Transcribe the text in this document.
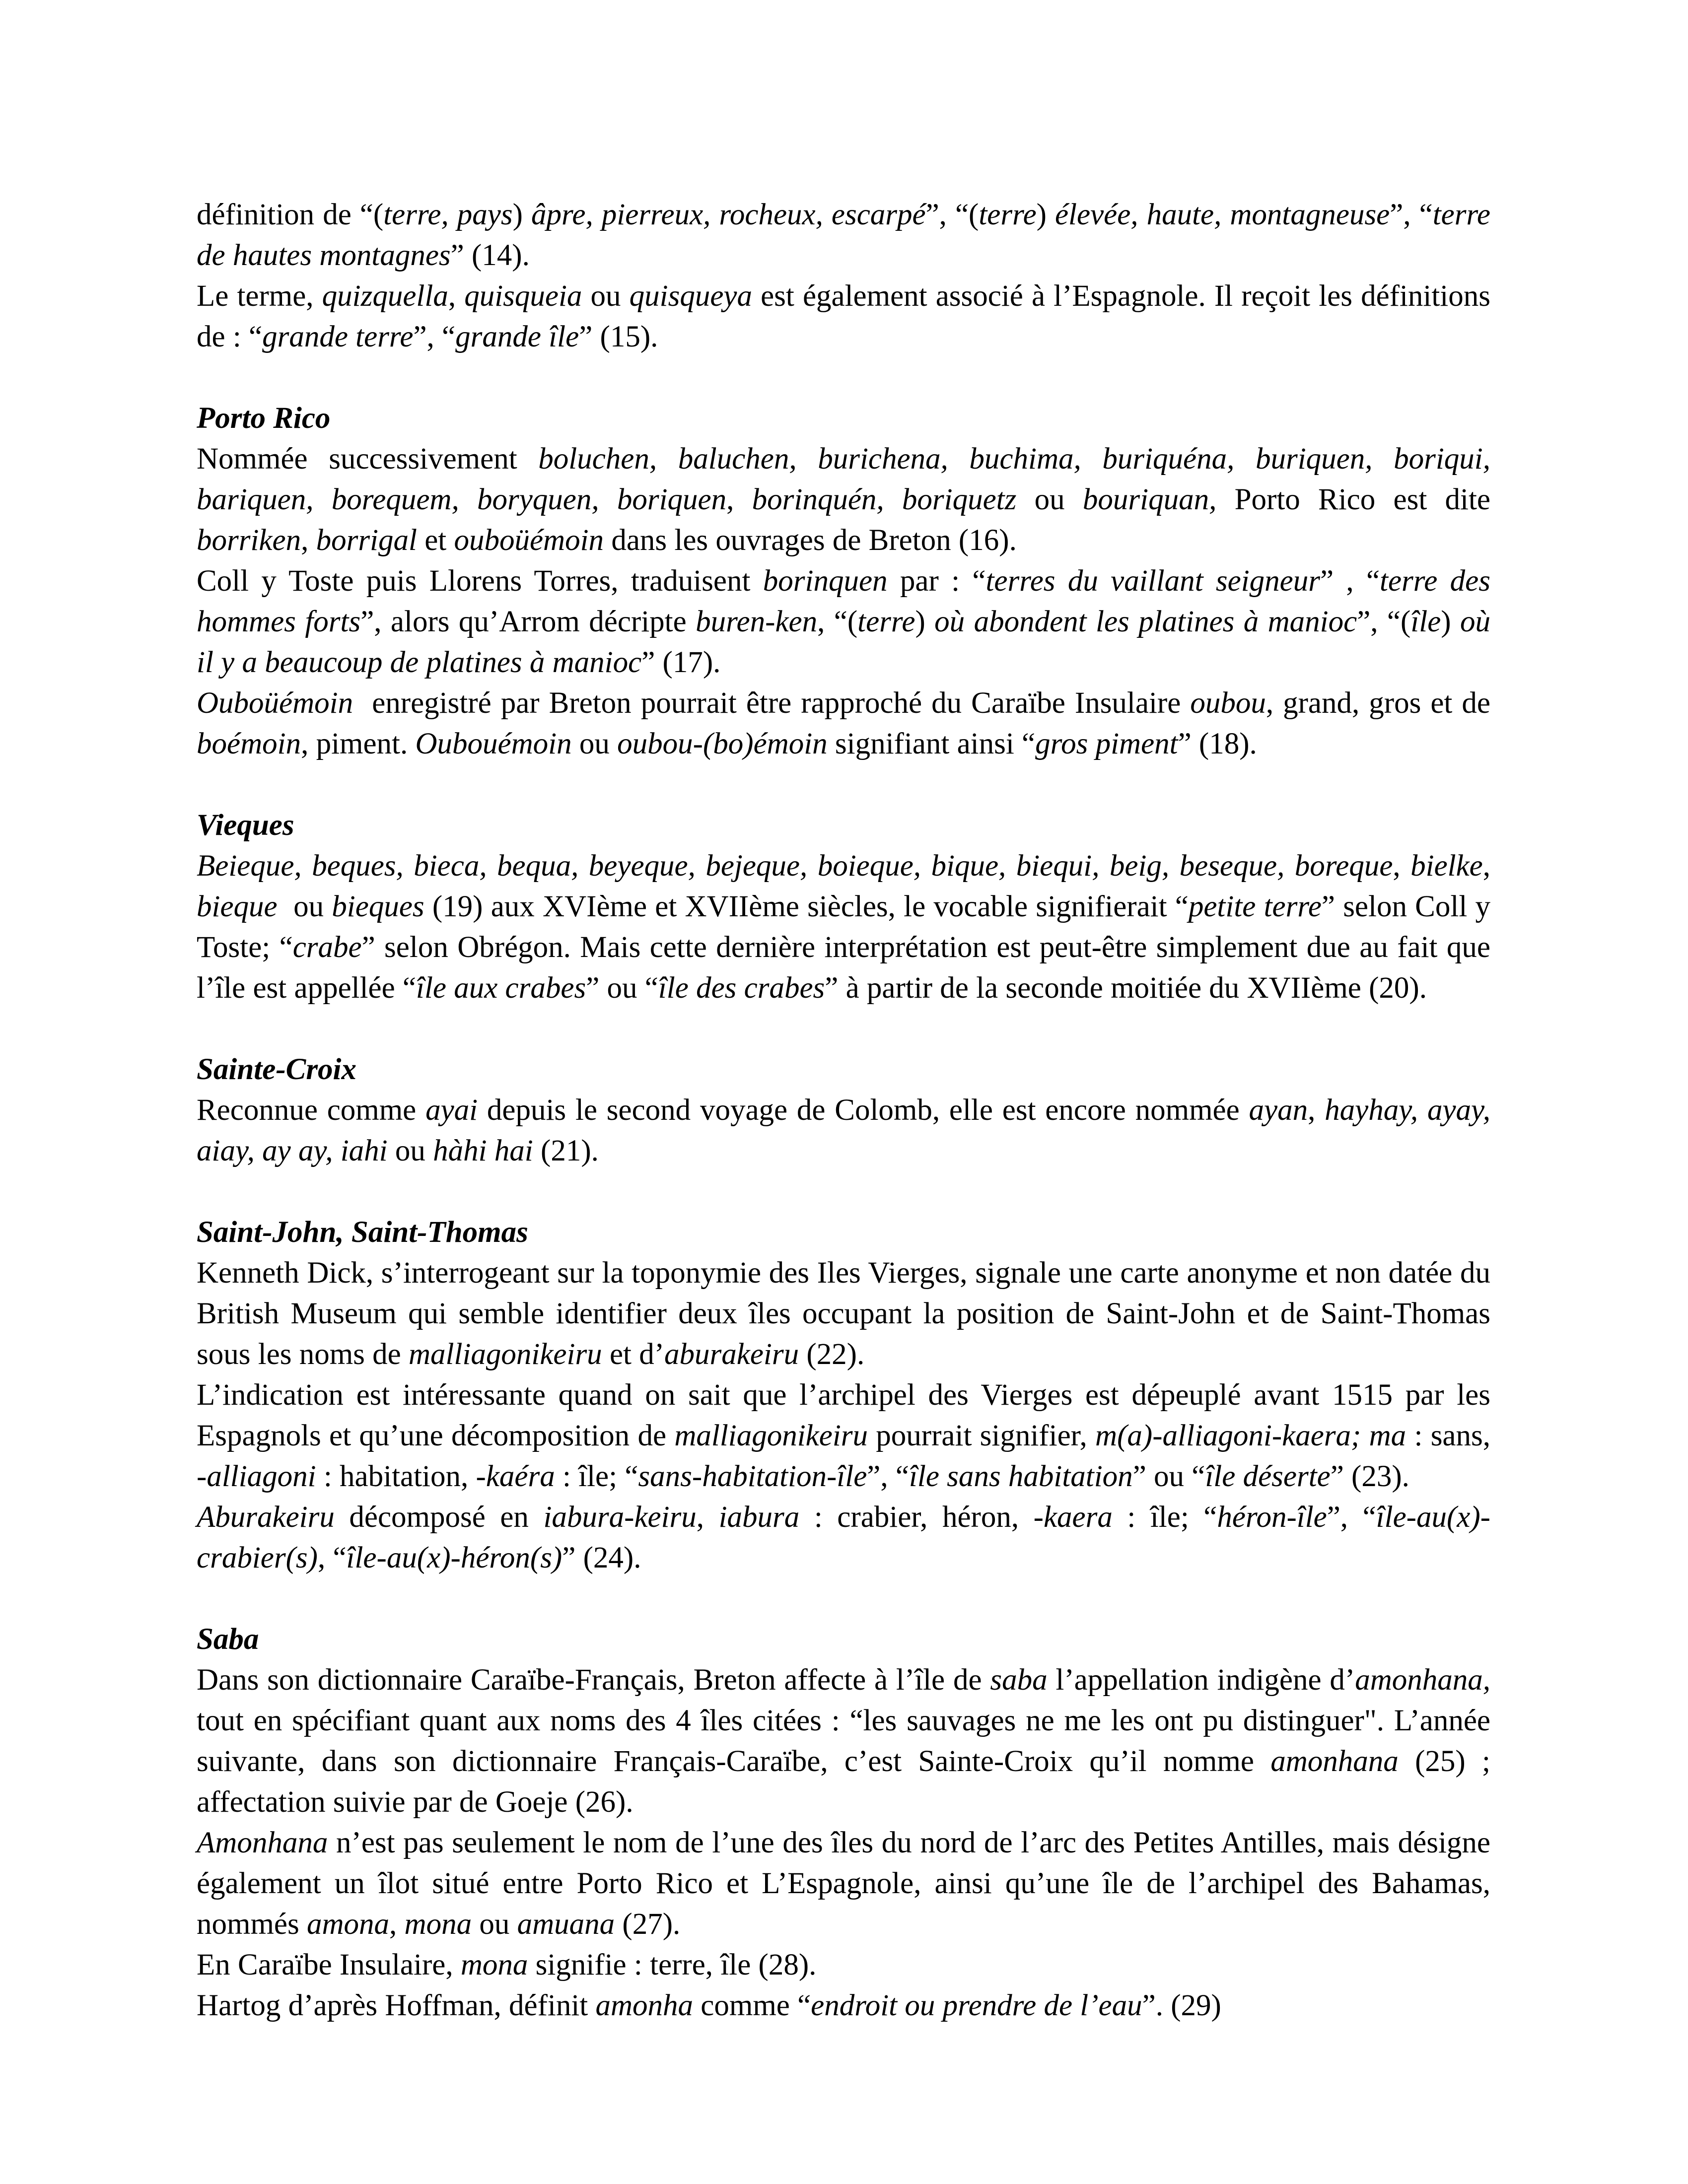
définition de “(terre, pays) âpre, pierreux, rocheux, escarpé”, “(terre) élevée, haute, montagneuse”, “terre de hautes montagnes” (14).

Le terme, quizquella, quisqueia ou quisqueya est également associé à l’Espagnole. Il reçoit les définitions de : “grande terre”, “grande île” (15).

Porto Rico

Nommée successivement boluchen, baluchen, burichena, buchima, buriquéna, buriquen, boriqui, bariquen, borequem, boryquen, boriquen, borinquén, boriquetz ou bouriquan, Porto Rico est dite borriken, borrigal et ouboüémoin dans les ouvrages de Breton (16).

Coll y Toste puis Llorens Torres, traduisent borinquen par : “terres du vaillant seigneur” , “terre des hommes forts”, alors qu’Arrom décripte buren-ken, “(terre) où abondent les platines à manioc”, “(île) où il y a beaucoup de platines à manioc” (17).

Ouboüémoin  enregistré par Breton pourrait être rapproché du Caraïbe Insulaire oubou, grand, gros et de boémoin, piment. Oubouémoin ou oubou-(bo)émoin signifiant ainsi “gros piment” (18).

Vieques

Beieque, beques, bieca, bequa, beyeque, bejeque, boieque, bique, biequi, beig, beseque, boreque, bielke, bieque  ou bieques (19) aux XVIème et XVIIème siècles, le vocable signifierait “petite terre” selon Coll y Toste; “crabe” selon Obrégon. Mais cette dernière interprétation est peut-être simplement due au fait que l’île est appellée “île aux crabes” ou “île des crabes” à partir de la seconde moitiée du XVIIème (20).

Sainte-Croix

Reconnue comme ayai depuis le second voyage de Colomb, elle est encore nommée ayan, hayhay, ayay, aiay, ay ay, iahi ou hàhi hai (21).

Saint-John, Saint-Thomas

Kenneth Dick, s’interrogeant sur la toponymie des Iles Vierges, signale une carte anonyme et non datée du British Museum qui semble identifier deux îles occupant la position de Saint-John et de Saint-Thomas sous les noms de malliagonikeiru et d’aburakeiru (22).

L’indication est intéressante quand on sait que l’archipel des Vierges est dépeuplé avant 1515 par les Espagnols et qu’une décomposition de malliagonikeiru pourrait signifier, m(a)-alliagoni-kaera; ma : sans, -alliagoni : habitation, -kaéra : île; “sans-habitation-île”, “île sans habitation” ou “île déserte” (23).

Aburakeiru décomposé en iabura-keiru, iabura : crabier, héron, -kaera : île; “héron-île”, “île-au(x)-crabier(s), “île-au(x)-héron(s)” (24).

Saba

Dans son dictionnaire Caraïbe-Français, Breton affecte à l’île de saba l’appellation indigène d’amonhana, tout en spécifiant quant aux noms des 4 îles citées : “les sauvages ne me les ont pu distinguer". L’année suivante, dans son dictionnaire Français-Caraïbe, c’est Sainte-Croix qu’il nomme amonhana (25) ; affectation suivie par de Goeje (26).

Amonhana n’est pas seulement le nom de l’une des îles du nord de l’arc des Petites Antilles, mais désigne également un îlot situé entre Porto Rico et L’Espagnole, ainsi qu’une île de l’archipel des Bahamas, nommés amona, mona ou amuana (27).

En Caraïbe Insulaire, mona signifie : terre, île (28).

Hartog d’après Hoffman, définit amonha comme “endroit ou prendre de l’eau”. (29)
